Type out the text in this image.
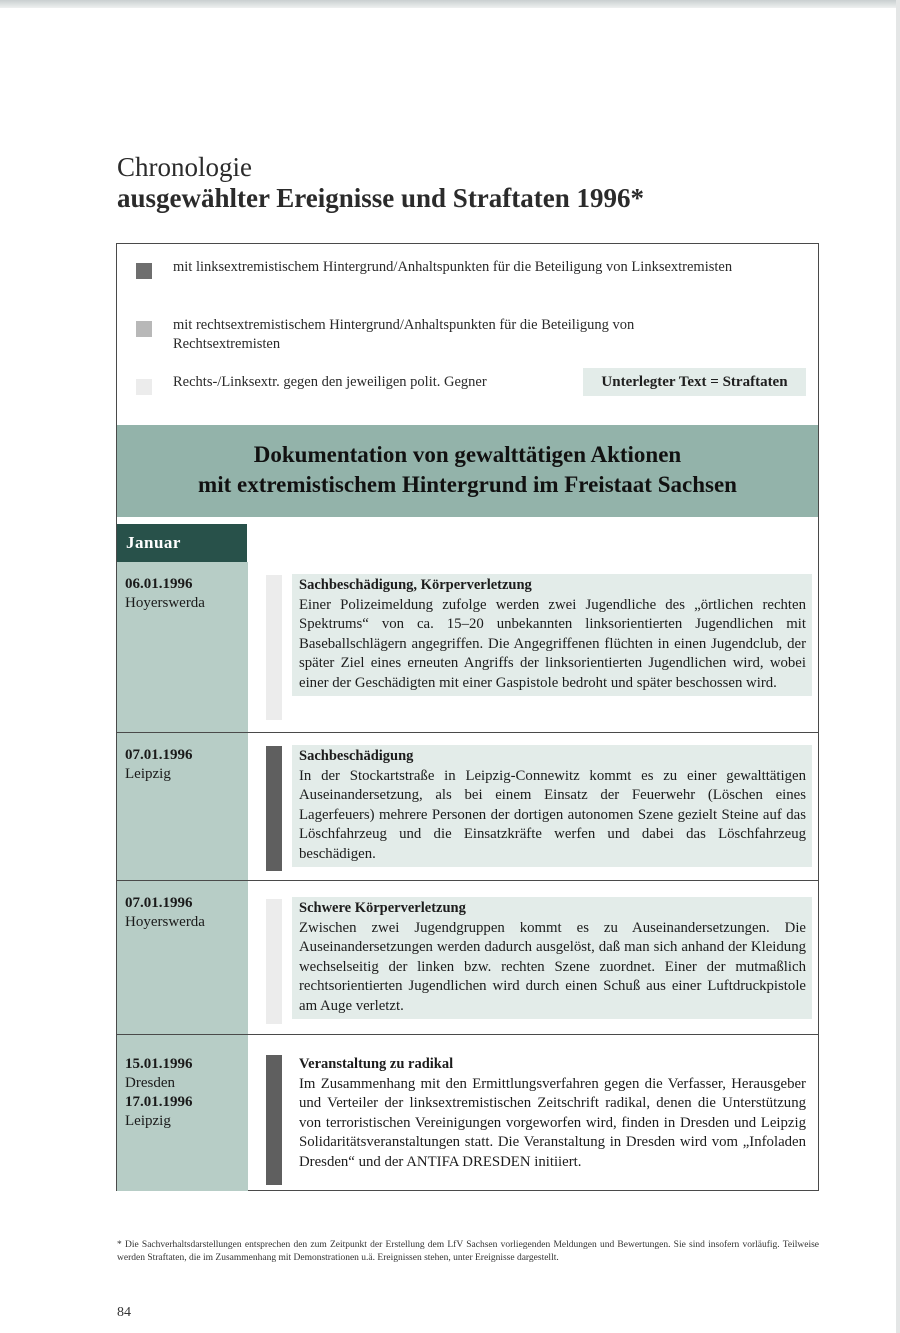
Chronologie
ausgewählter Ereignisse und Straftaten 1996*
mit linksextremistischem Hintergrund/Anhaltspunkten für die Beteiligung von Linksextremisten
mit rechtsextremistischem Hintergrund/Anhaltspunkten für die Beteiligung von Rechtsextremisten
Rechts-/Linksextr. gegen den jeweiligen polit. Gegner	Unterlegter Text = Straftaten
Dokumentation von gewalttätigen Aktionen
mit extremistischem Hintergrund im Freistaat Sachsen
Januar
06.01.1996
Hoyerswerda
Sachbeschädigung, Körperverletzung
Einer Polizeimeldung zufolge werden zwei Jugendliche des „örtlichen rechten Spektrums“ von ca. 15–20 unbekannten linksorientierten Jugendlichen mit Baseballschlägern angegriffen. Die Angegriffenen flüchten in einen Jugendclub, der später Ziel eines erneuten Angriffs der linksorientierten Jugendlichen wird, wobei einer der Geschädigten mit einer Gaspistole bedroht und später beschossen wird.
07.01.1996
Leipzig
Sachbeschädigung
In der Stockartstraße in Leipzig-Connewitz kommt es zu einer gewalttätigen Auseinandersetzung, als bei einem Einsatz der Feuerwehr (Löschen eines Lagerfeuers) mehrere Personen der dortigen autonomen Szene gezielt Steine auf das Löschfahrzeug und die Einsatzkräfte werfen und dabei das Löschfahrzeug beschädigen.
07.01.1996
Hoyerswerda
Schwere Körperverletzung
Zwischen zwei Jugendgruppen kommt es zu Auseinandersetzungen. Die Auseinandersetzungen werden dadurch ausgelöst, daß man sich anhand der Kleidung wechselseitig der linken bzw. rechten Szene zuordnet. Einer der mutmaßlich rechtsorientierten Jugendlichen wird durch einen Schuß aus einer Luftdruckpistole am Auge verletzt.
15.01.1996
Dresden
17.01.1996
Leipzig
Veranstaltung zu radikal
Im Zusammenhang mit den Ermittlungsverfahren gegen die Verfasser, Herausgeber und Verteiler der linksextremistischen Zeitschrift radikal, denen die Unterstützung von terroristischen Vereinigungen vorgeworfen wird, finden in Dresden und Leipzig Solidaritätsveranstaltungen statt. Die Veranstaltung in Dresden wird vom „Infoladen Dresden“ und der ANTIFA DRESDEN initiiert.
* Die Sachverhaltsdarstellungen entsprechen den zum Zeitpunkt der Erstellung dem LfV Sachsen vorliegenden Meldungen und Bewertungen. Sie sind insofern vorläufig. Teilweise werden Straftaten, die im Zusammenhang mit Demonstrationen u.ä. Ereignissen stehen, unter Ereignisse dargestellt.
84
